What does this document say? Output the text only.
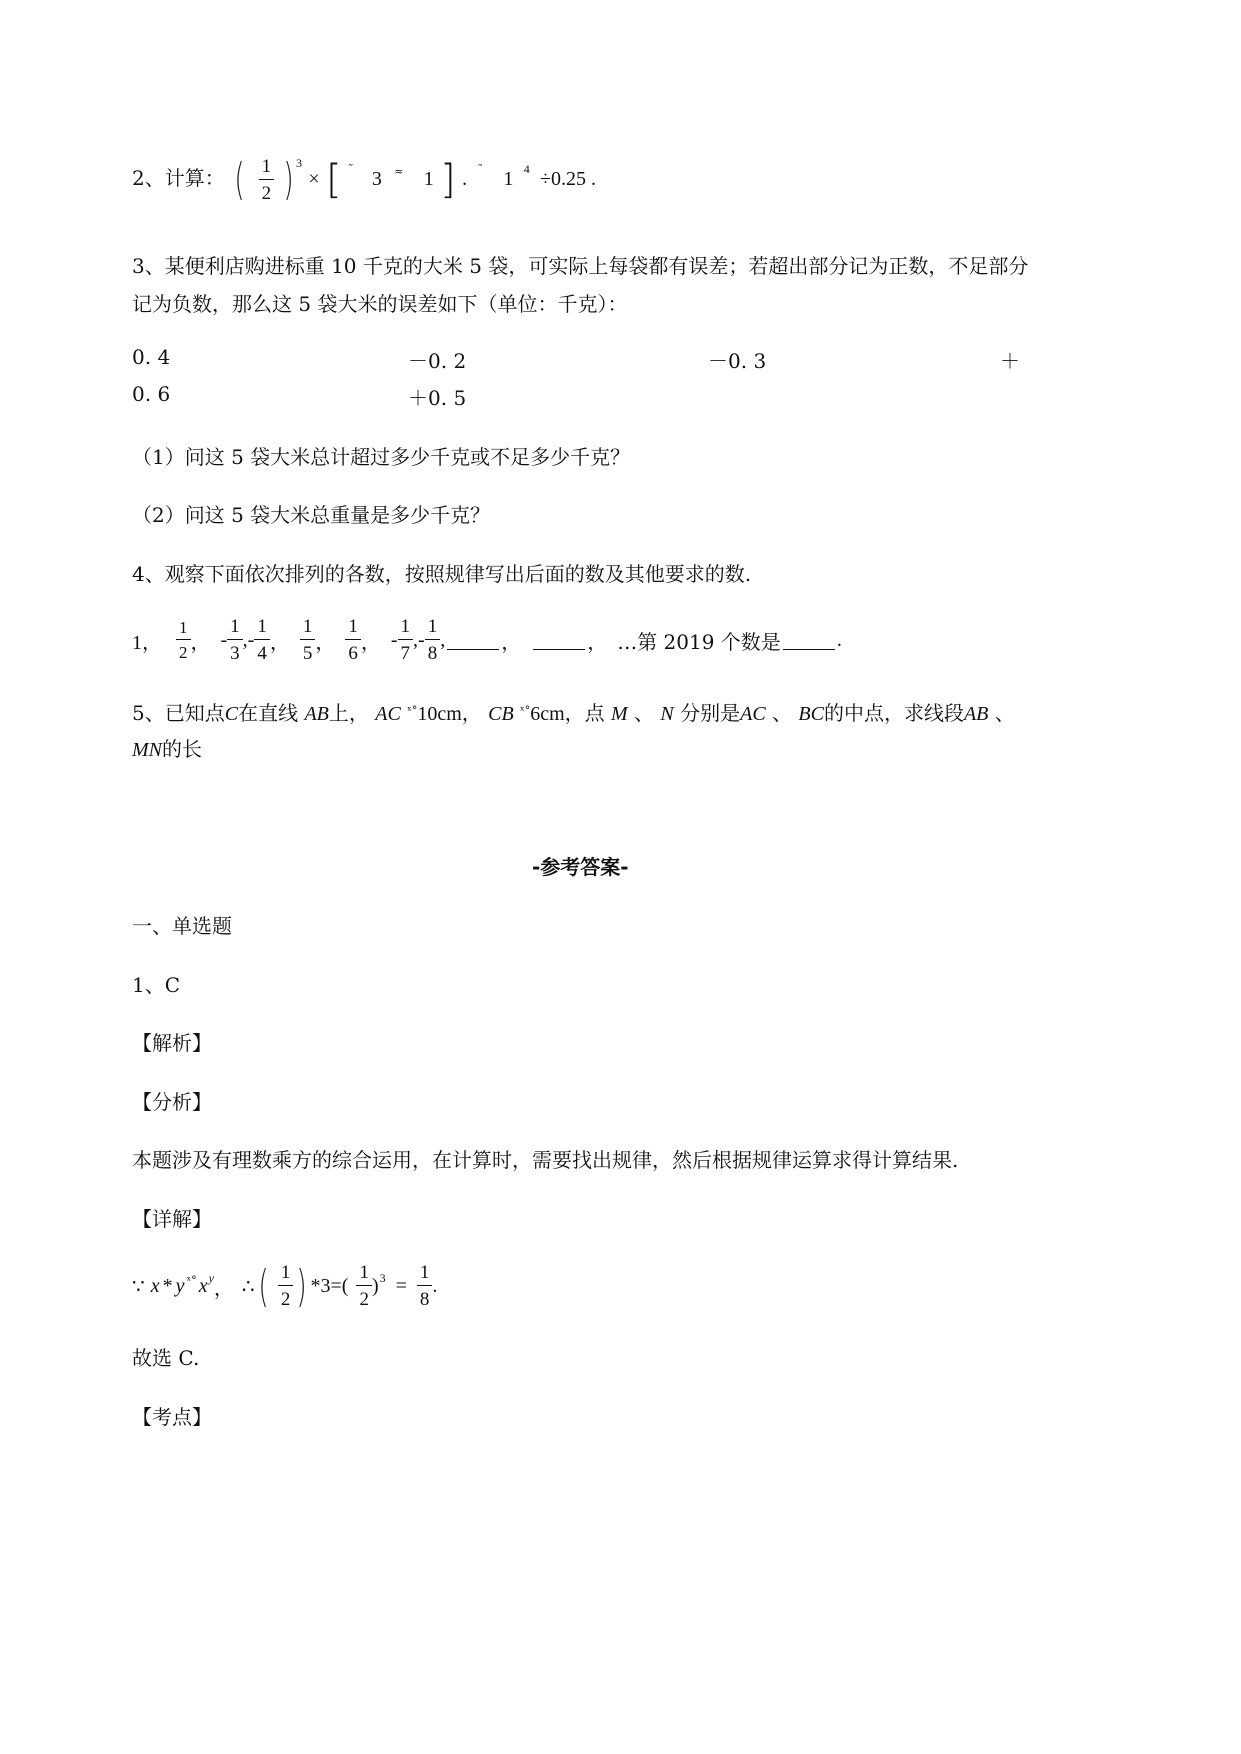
2、计算： ( $\frac{1}{2}$ ) $^3$ × [ ˜ 3 ≈ 1 ] . ˜ 1 $^4$ ÷0.25 .
3、某便利店购进标重 10 千克的大米 5 袋，可实际上每袋都有误差；若超出部分记为正数，不足部分
记为负数，那么这 5 袋大米的误差如下（单位：千克）：
0. 4	－0. 2	－0. 3	＋
0. 6	＋0. 5
（1）问这 5 袋大米总计超过多少千克或不足多少千克？
（2）问这 5 袋大米总重量是多少千克？
4、观察下面依次排列的各数，按照规律写出后面的数及其他要求的数.
1， $\frac{1}{2}$ ， - $\frac{1}{3}$ , - $\frac{1}{4}$ ， $\frac{1}{5}$ ， $\frac{1}{6}$ ， - $\frac{1}{7}$ , - $\frac{1}{8}$ ,	，	， …第 2019 个数是	.
5、已知点C在直线 AB上， AC $^{ˣ^\circ}$10cm， CB $^{ˣ^\circ}$6cm，点 M 、 N 分别是AC 、 BC的中点，求线段AB 、
MN的长
-参考答案-
一、单选题
1、C
【解析】
【分析】
本题涉及有理数乘方的综合运用，在计算时，需要找出规律，然后根据规律运算求得计算结果.
【详解】
∵ x * y ˣ° x y ， ∴ ( $\frac{1}{2}$ ) *3 =( $\frac{1}{2}$ ) $3 = \frac{1}{8}$ .
故选 C.
【考点】
